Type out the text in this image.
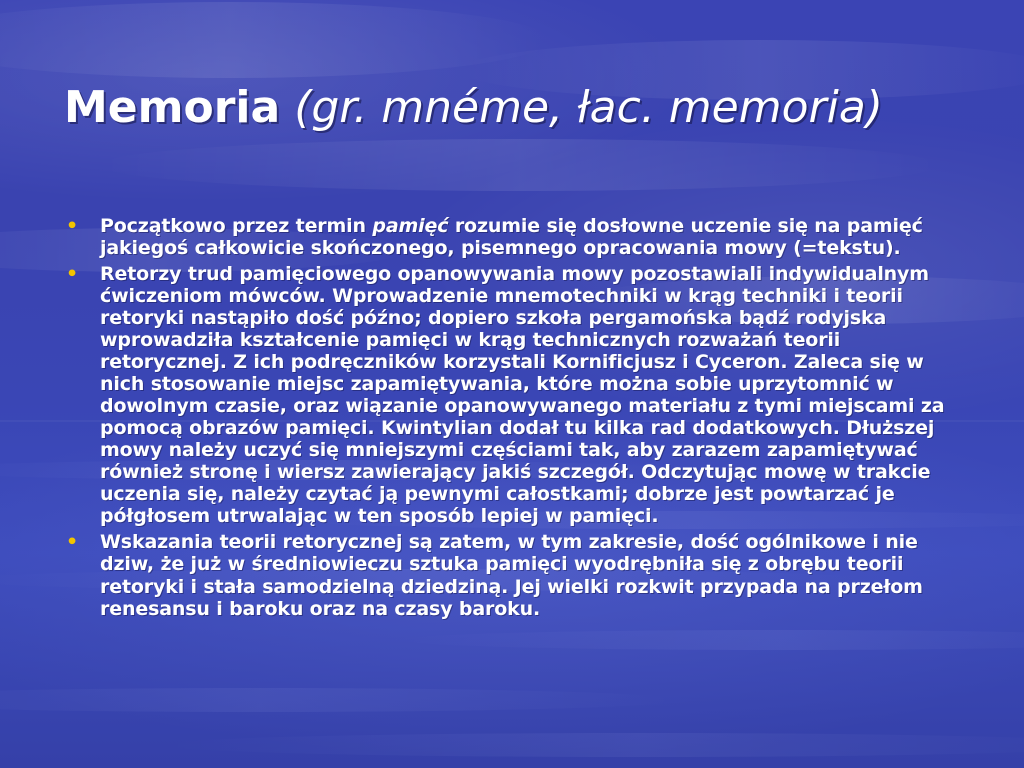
Memoria (gr. mnéme, łac. memoria)
• Początkowo przez termin pamięć rozumie się dosłowne uczenie się na pamięć jakiegoś całkowicie skończonego, pisemnego opracowania mowy (=tekstu).
• Retorzy trud pamięciowego opanowywania mowy pozostawiali indywidualnym ćwiczeniom mówców. Wprowadzenie mnemotechniki w krąg techniki i teorii retoryki nastąpiło dość późno; dopiero szkoła pergamońska bądź rodyjska wprowadziła kształcenie pamięci w krąg technicznych rozważań teorii retorycznej. Z ich podręczników korzystali Kornificjusz i Cyceron. Zaleca się w nich stosowanie miejsc zapamiętywania, które można sobie uprzytomnić w dowolnym czasie, oraz wiązanie opanowywanego materiału z tymi miejscami za pomocą obrazów pamięci. Kwintylian dodał tu kilka rad dodatkowych. Dłuższej mowy należy uczyć się mniejszymi częściami tak, aby zarazem zapamiętywać również stronę i wiersz zawierający jakiś szczegół. Odczytując mowę w trakcie uczenia się, należy czytać ją pewnymi całostkami; dobrze jest powtarzać je półgłosem utrwalając w ten sposób lepiej w pamięci.
• Wskazania teorii retorycznej są zatem, w tym zakresie, dość ogólnikowe i nie dziw, że już w średniowieczu sztuka pamięci wyodrębniła się z obrębu teorii retoryki i stała samodzielną dziedziną. Jej wielki rozkwit przypada na przełom renesansu i baroku oraz na czasy baroku.
